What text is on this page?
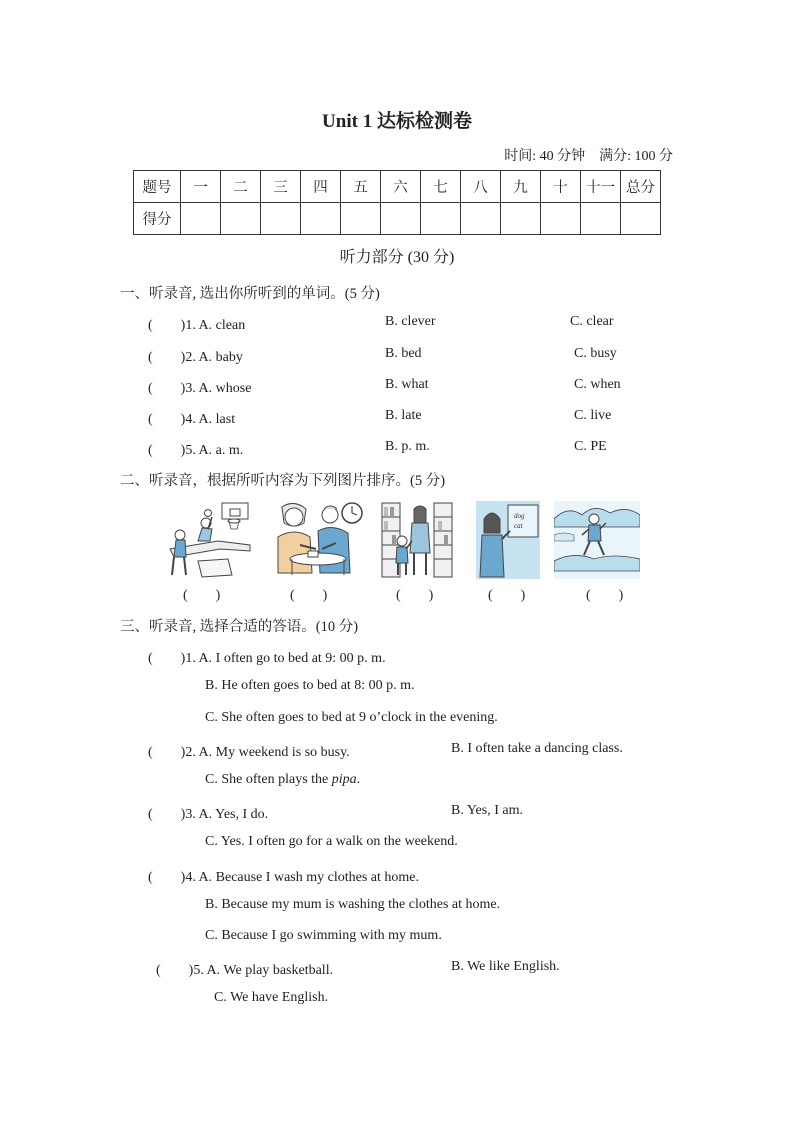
Unit 1 达标检测卷
时间: 40 分钟　满分: 100 分
题号	一	二	三	四	五	六	七	八	九	十	十一	总分
得分												
听力部分 (30 分)
一、听录音, 选出你所听到的单词。(5 分)
(　　)1. A. clean	B. clever	C. clear
(　　)2. A. baby	B. bed	C. busy
(　　)3. A. whose	B. what	C. when
(　　)4. A. last	B. late	C. live
(　　)5. A. a. m.	B. p. m.	C. PE
二、听录音，根据所听内容为下列图片排序。(5 分)
dog
cat
(　　)	(　　)	(　　)	(　　)	(　　)
三、听录音, 选择合适的答语。(10 分)
(　　)1. A. I often go to bed at 9: 00 p. m.
B. He often goes to bed at 8: 00 p. m.
C. She often goes to bed at 9 o’clock in the evening.
(　　)2. A. My weekend is so busy.	B. I often take a dancing class.
C. She often plays the pipa.
(　　)3. A. Yes, I do.	B. Yes, I am.
C. Yes. I often go for a walk on the weekend.
(　　)4. A. Because I wash my clothes at home.
B. Because my mum is washing the clothes at home.
C. Because I go swimming with my mum.
(　　)5. A. We play basketball.	B. We like English.
C. We have English.
